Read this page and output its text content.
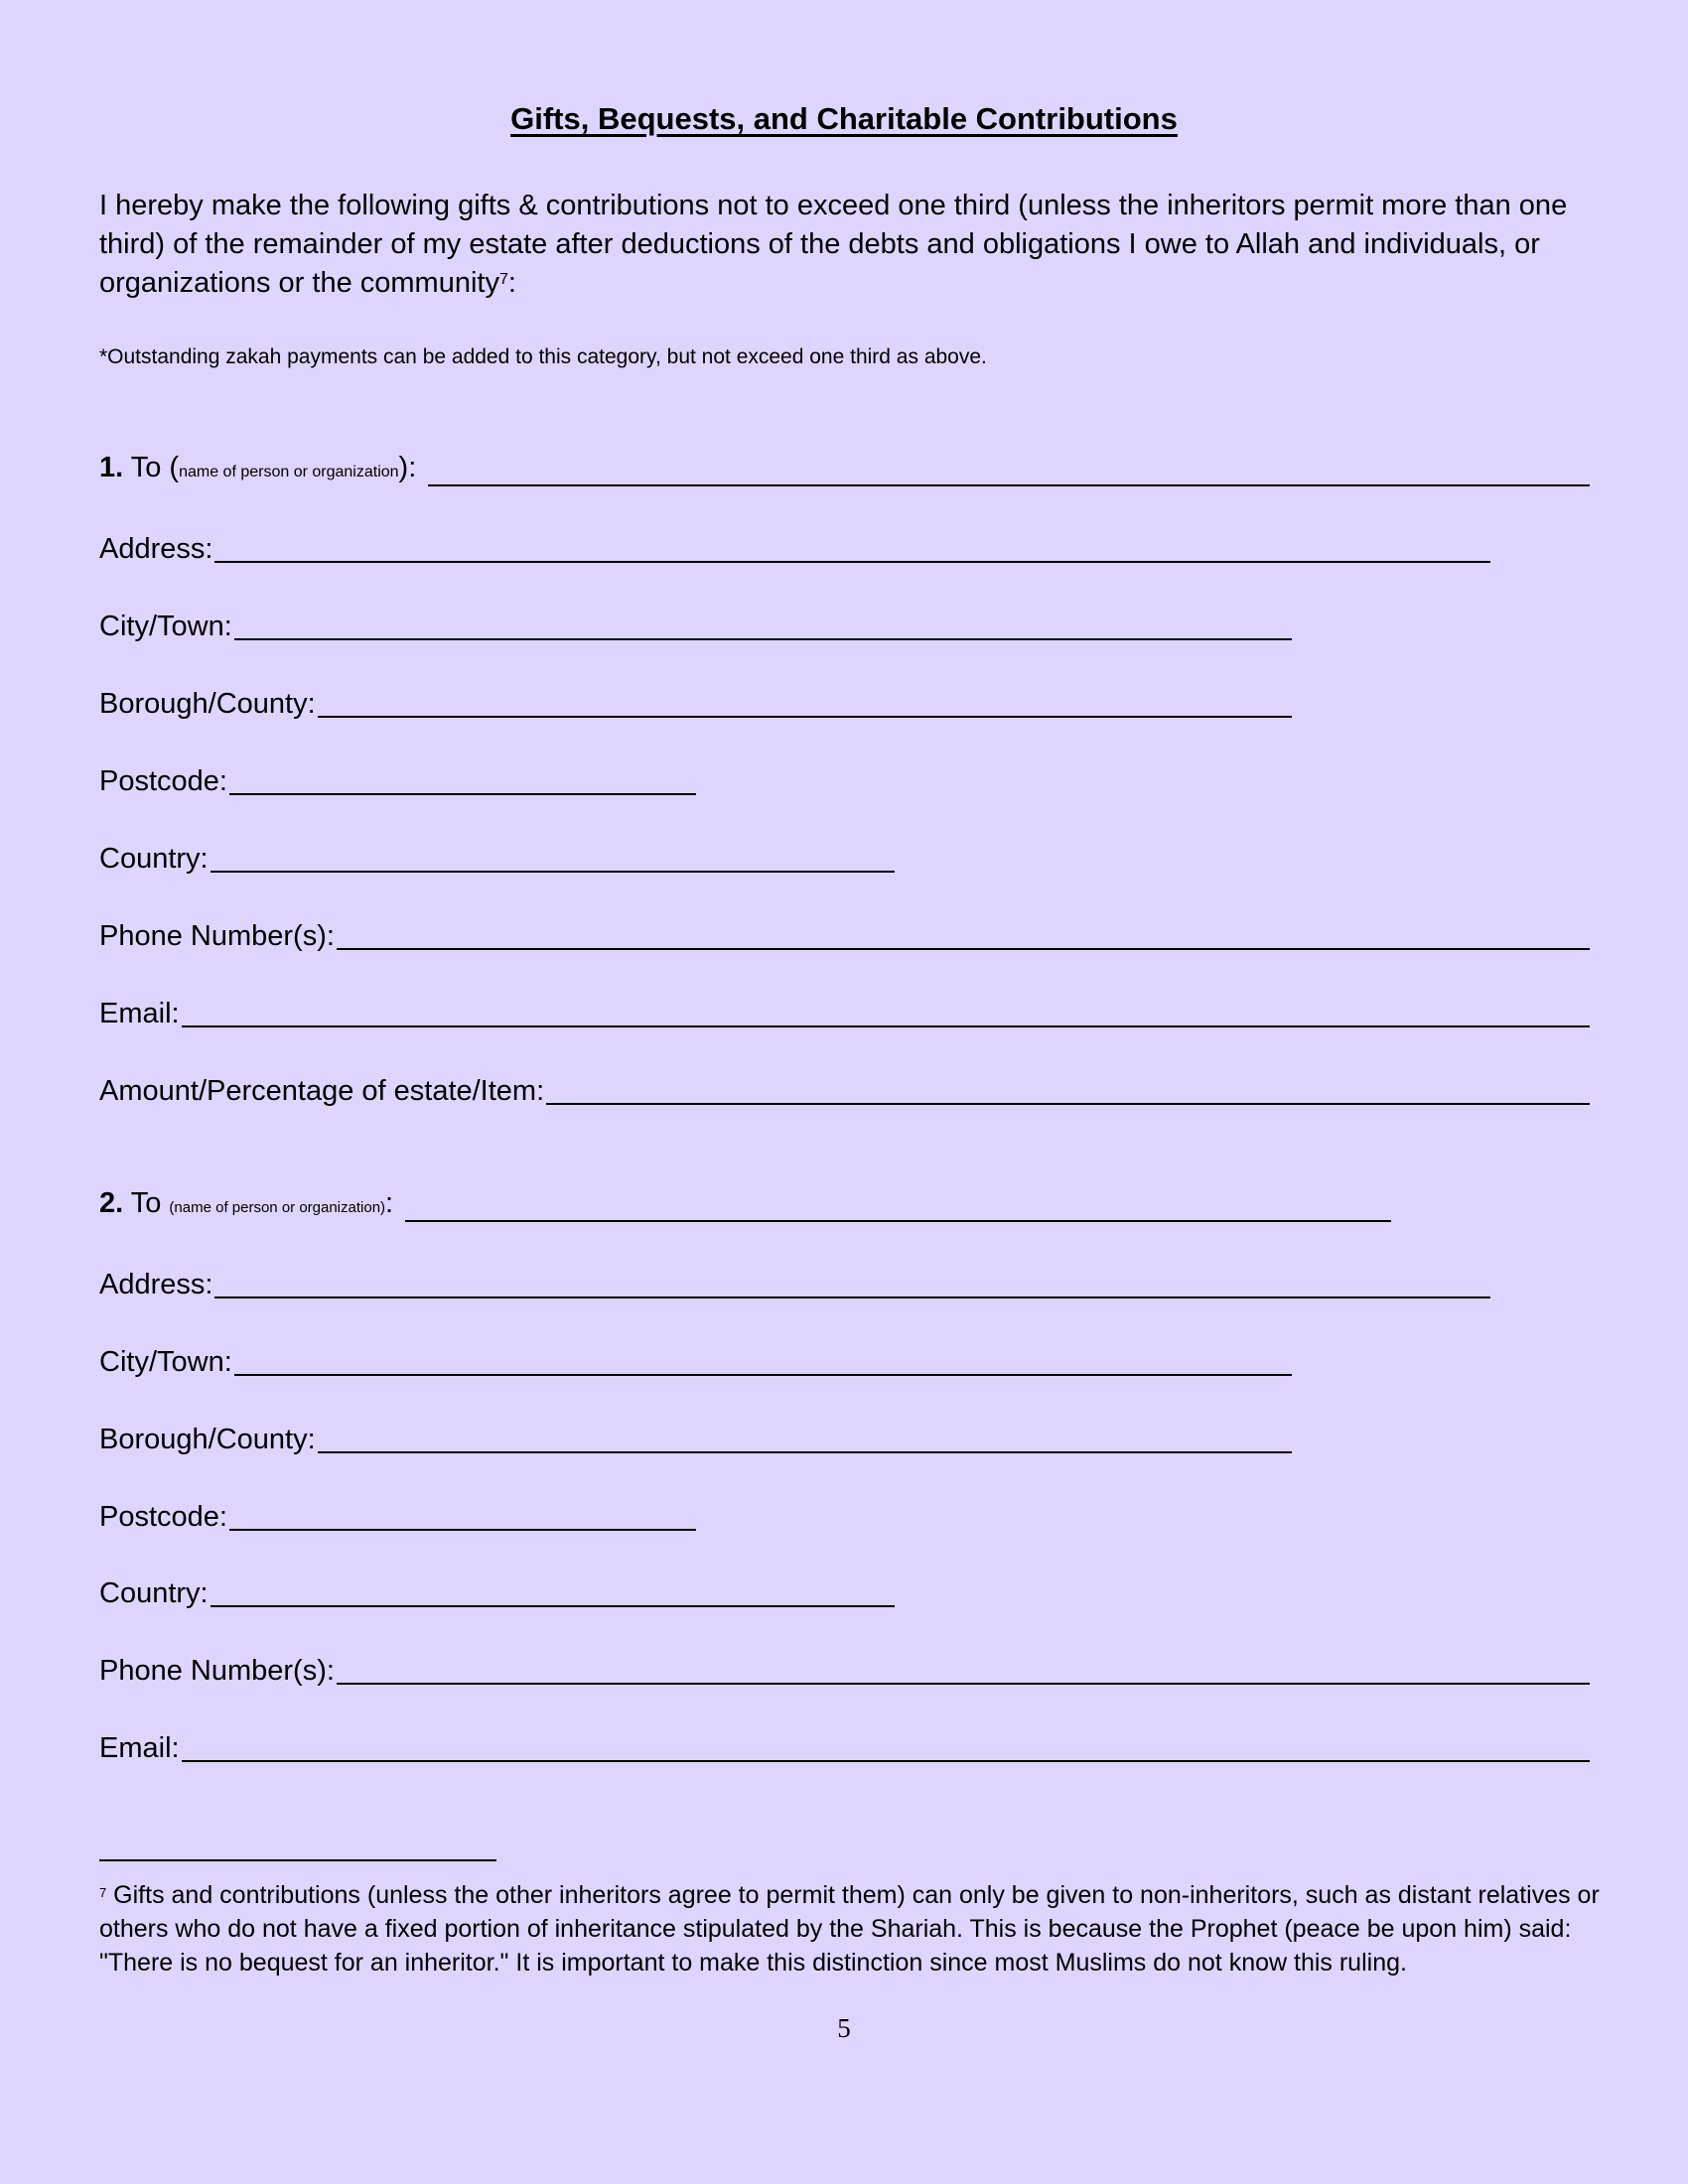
Gifts, Bequests, and Charitable Contributions
I hereby make the following gifts & contributions not to exceed one third (unless the inheritors permit more than one third) of the remainder of my estate after deductions of the debts and obligations I owe to Allah and individuals, or organizations or the community$^7$:
*Outstanding zakah payments can be added to this category, but not exceed one third as above.
1. To (name of person or organization):
Address:
City/Town:
Borough/County:
Postcode:
Country:
Phone Number(s):
Email:
Amount/Percentage of estate/Item:
2. To (name of person or organization):
Address:
City/Town:
Borough/County:
Postcode:
Country:
Phone Number(s):
Email:
$^7$ Gifts and contributions (unless the other inheritors agree to permit them) can only be given to non-inheritors, such as distant relatives or others who do not have a fixed portion of inheritance stipulated by the Shariah. This is because the Prophet (peace be upon him) said: "There is no bequest for an inheritor." It is important to make this distinction since most Muslims do not know this ruling.
5
